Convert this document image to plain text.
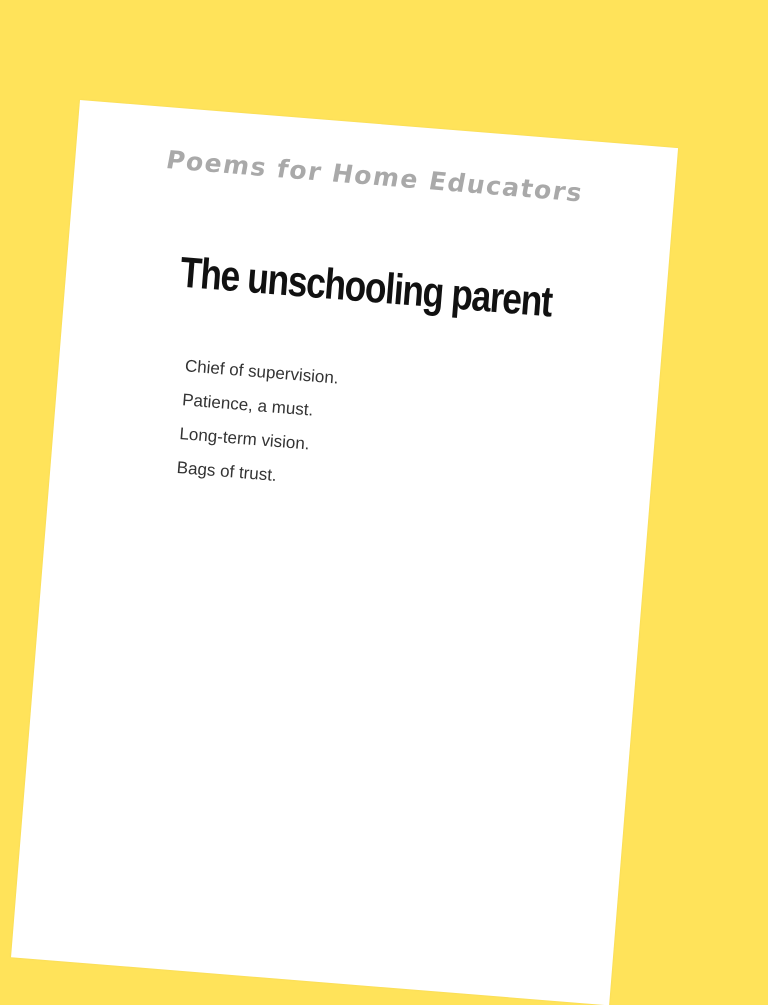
Poems for Home Educators
The unschooling parent
Chief of supervision.
Patience, a must.
Long-term vision.
Bags of trust.
